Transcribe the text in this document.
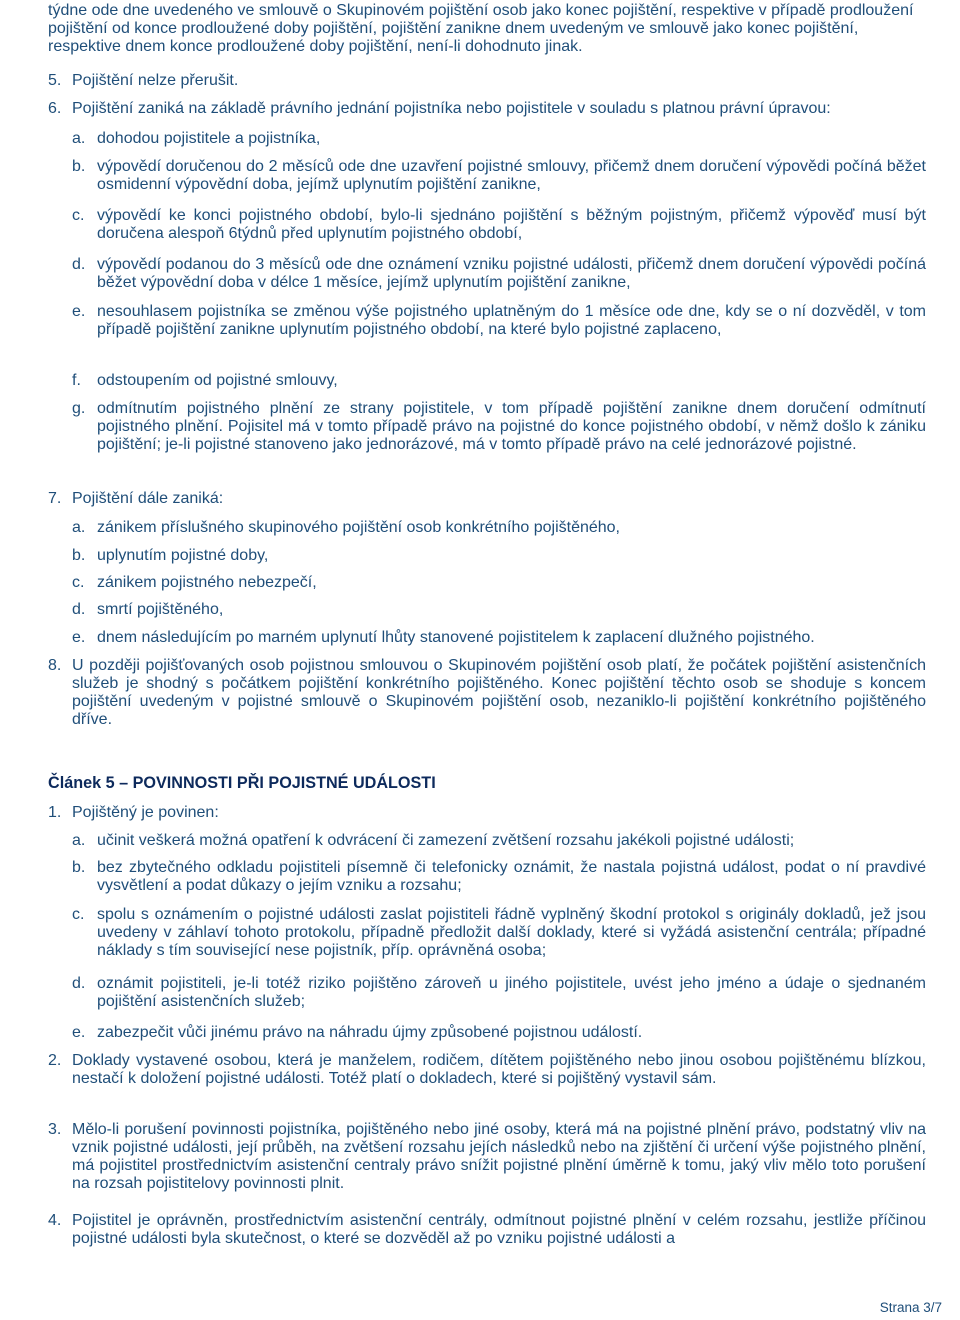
týdne ode dne uvedeného ve smlouvě o Skupinovém pojištění osob jako konec pojištění, respektive v případě prodloužení pojištění od konce prodloužené doby pojištění, pojištění zanikne dnem uvedeným ve smlouvě jako konec pojištění, respektive dnem konce prodloužené doby pojištění, není-li dohodnuto jinak.

5. Pojištění nelze přerušit.
6. Pojištění zaniká na základě právního jednání pojistníka nebo pojistitele v souladu s platnou právní úpravou:
a. dohodou pojistitele a pojistníka,
b. výpovědí doručenou do 2 měsíců ode dne uzavření pojistné smlouvy, přičemž dnem doručení výpovědi počíná běžet osmidenní výpovědní doba, jejímž uplynutím pojištění zanikne,
c. výpovědí ke konci pojistného období, bylo-li sjednáno pojištění s běžným pojistným, přičemž výpověď musí být doručena alespoň 6týdnů před uplynutím pojistného období,
d. výpovědí podanou do 3 měsíců ode dne oznámení vzniku pojistné události, přičemž dnem doručení výpovědi počíná běžet výpovědní doba v délce 1 měsíce, jejímž uplynutím pojištění zanikne,
e. nesouhlasem pojistníka se změnou výše pojistného uplatněným do 1 měsíce ode dne, kdy se o ní dozvěděl, v tom případě pojištění zanikne uplynutím pojistného období, na které bylo pojistné zaplaceno,
f.	odstoupením od pojistné smlouvy,
g. odmítnutím pojistného plnění ze strany pojistitele, v tom případě pojištění zanikne dnem doručení odmítnutí pojistného plnění. Pojisitel má v tomto případě právo na pojistné do konce pojistného období, v němž došlo k zániku pojištění; je-li pojistné stanoveno jako jednorázové, má v tomto případě právo na celé jednorázové pojistné.
7. Pojištění dále zaniká:
a. zánikem příslušného skupinového pojištění osob konkrétního pojištěného,
b. uplynutím pojistné doby,
c. zánikem pojistného nebezpečí,
d. smrtí pojištěného,
e. dnem následujícím po marném uplynutí lhůty stanovené pojistitelem k zaplacení dlužného pojistného.
8. U později pojišťovaných osob pojistnou smlouvou o Skupinovém pojištění osob platí, že počátek pojištění asistenčních služeb je shodný s počátkem pojištění konkrétního pojištěného. Konec pojištění těchto osob se shoduje s koncem pojištění uvedeným v pojistné smlouvě o Skupinovém pojištění osob, nezaniklo-li pojištění konkrétního pojištěného dříve.
Článek 5 – POVINNOSTI PŘI POJISTNÉ UDÁLOSTI
1. Pojištěný je povinen:
a. učinit veškerá možná opatření k odvrácení či zamezení zvětšení rozsahu jakékoli pojistné události;
b. bez zbytečného odkladu pojistiteli písemně či telefonicky oznámit, že nastala pojistná událost, podat o ní pravdivé vysvětlení a podat důkazy o jejím vzniku a rozsahu;
c. spolu s oznámením o pojistné události zaslat pojistiteli řádně vyplněný škodní protokol s originály dokladů, jež jsou uvedeny v záhlaví tohoto protokolu, případně předložit další doklady, které si vyžádá asistenční centrála; případné náklady s tím související nese pojistník, příp. oprávněná osoba;
d. oznámit pojistiteli, je-li totéž riziko pojištěno zároveň u jiného pojistitele, uvést jeho jméno a údaje o sjednaném pojištění asistenčních služeb;
e. zabezpečit vůči jinému právo na náhradu újmy způsobené pojistnou událostí.
2. Doklady vystavené osobou, která je manželem, rodičem, dítětem pojištěného nebo jinou osobou pojištěnému blízkou, nestačí k doložení pojistné události. Totéž platí o dokladech, které si pojištěný vystavil sám.
3. Mělo-li porušení povinnosti pojistníka, pojištěného nebo jiné osoby, která má na pojistné plnění právo, podstatný vliv na vznik pojistné události, její průběh, na zvětšení rozsahu jejích následků nebo na zjištění či určení výše pojistného plnění, má pojistitel prostřednictvím asistenční centraly právo snížit pojistné plnění úměrně k tomu, jaký vliv mělo toto porušení na rozsah pojistitelovy povinnosti plnit.
4. Pojistitel je oprávněn, prostřednictvím asistenční centrály, odmítnout pojistné plnění v celém rozsahu, jestliže příčinou pojistné události byla skutečnost, o které se dozvěděl až po vzniku pojistné události a
Strana 3/7
